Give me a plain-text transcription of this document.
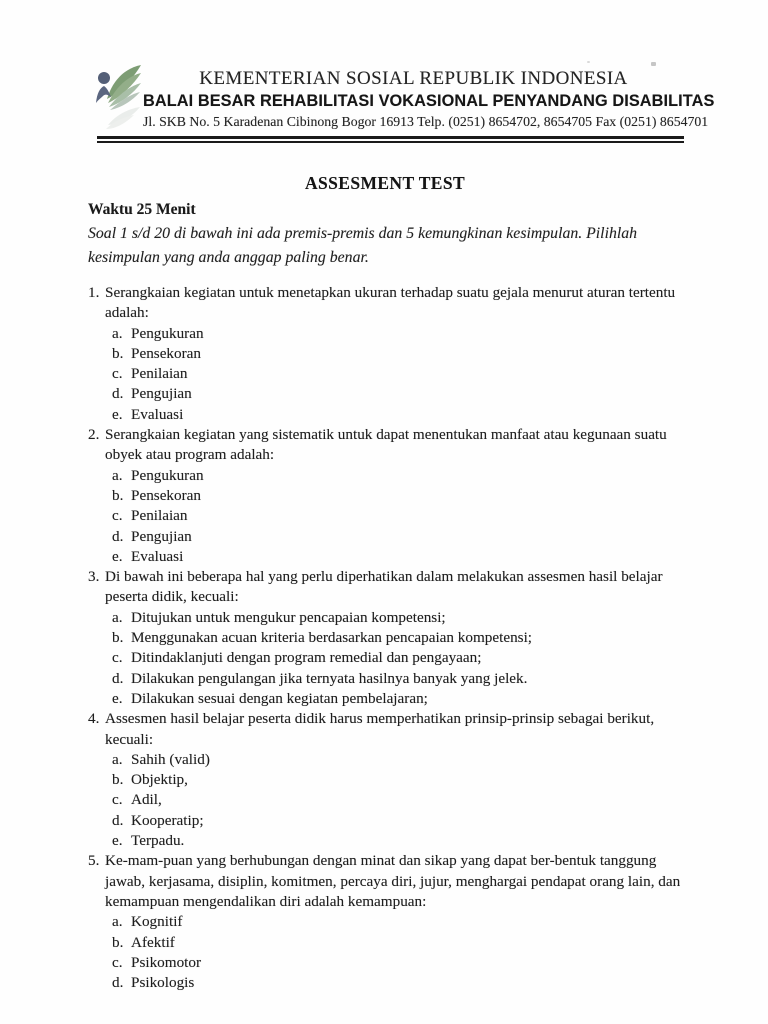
KEMENTERIAN SOSIAL REPUBLIK INDONESIA
BALAI BESAR REHABILITASI VOKASIONAL PENYANDANG DISABILITAS
Jl. SKB No. 5 Karadenan Cibinong Bogor 16913 Telp. (0251) 8654702, 8654705 Fax (0251) 8654701
ASSESMENT TEST
Waktu 25 Menit
Soal 1 s/d 20 di bawah ini ada premis-premis dan 5 kemungkinan kesimpulan. Pilihlah kesimpulan yang anda anggap paling benar.
1. Serangkaian kegiatan untuk menetapkan ukuran terhadap suatu gejala menurut aturan tertentu adalah:
a. Pengukuran
b. Pensekoran
c. Penilaian
d. Pengujian
e. Evaluasi
2. Serangkaian kegiatan yang sistematik untuk dapat menentukan manfaat atau kegunaan suatu obyek atau program adalah:
a. Pengukuran
b. Pensekoran
c. Penilaian
d. Pengujian
e. Evaluasi
3. Di bawah ini beberapa hal yang perlu diperhatikan dalam melakukan assesmen hasil belajar peserta didik, kecuali:
a. Ditujukan untuk mengukur pencapaian kompetensi;
b. Menggunakan acuan kriteria berdasarkan pencapaian kompetensi;
c. Ditindaklanjuti dengan program remedial dan pengayaan;
d. Dilakukan pengulangan jika ternyata hasilnya banyak yang jelek.
e. Dilakukan sesuai dengan kegiatan pembelajaran;
4. Assesmen hasil belajar peserta didik harus memperhatikan prinsip-prinsip sebagai berikut, kecuali:
a. Sahih (valid)
b. Objektip,
c. Adil,
d. Kooperatip;
e. Terpadu.
5. Ke-mam-puan yang berhubungan dengan minat dan sikap yang dapat ber-bentuk tanggung jawab, kerjasama, disiplin, komitmen, percaya diri, jujur, menghargai pendapat orang lain, dan kemampuan mengendalikan diri adalah kemampuan:
a. Kognitif
b. Afektif
c. Psikomotor
d. Psikologis
